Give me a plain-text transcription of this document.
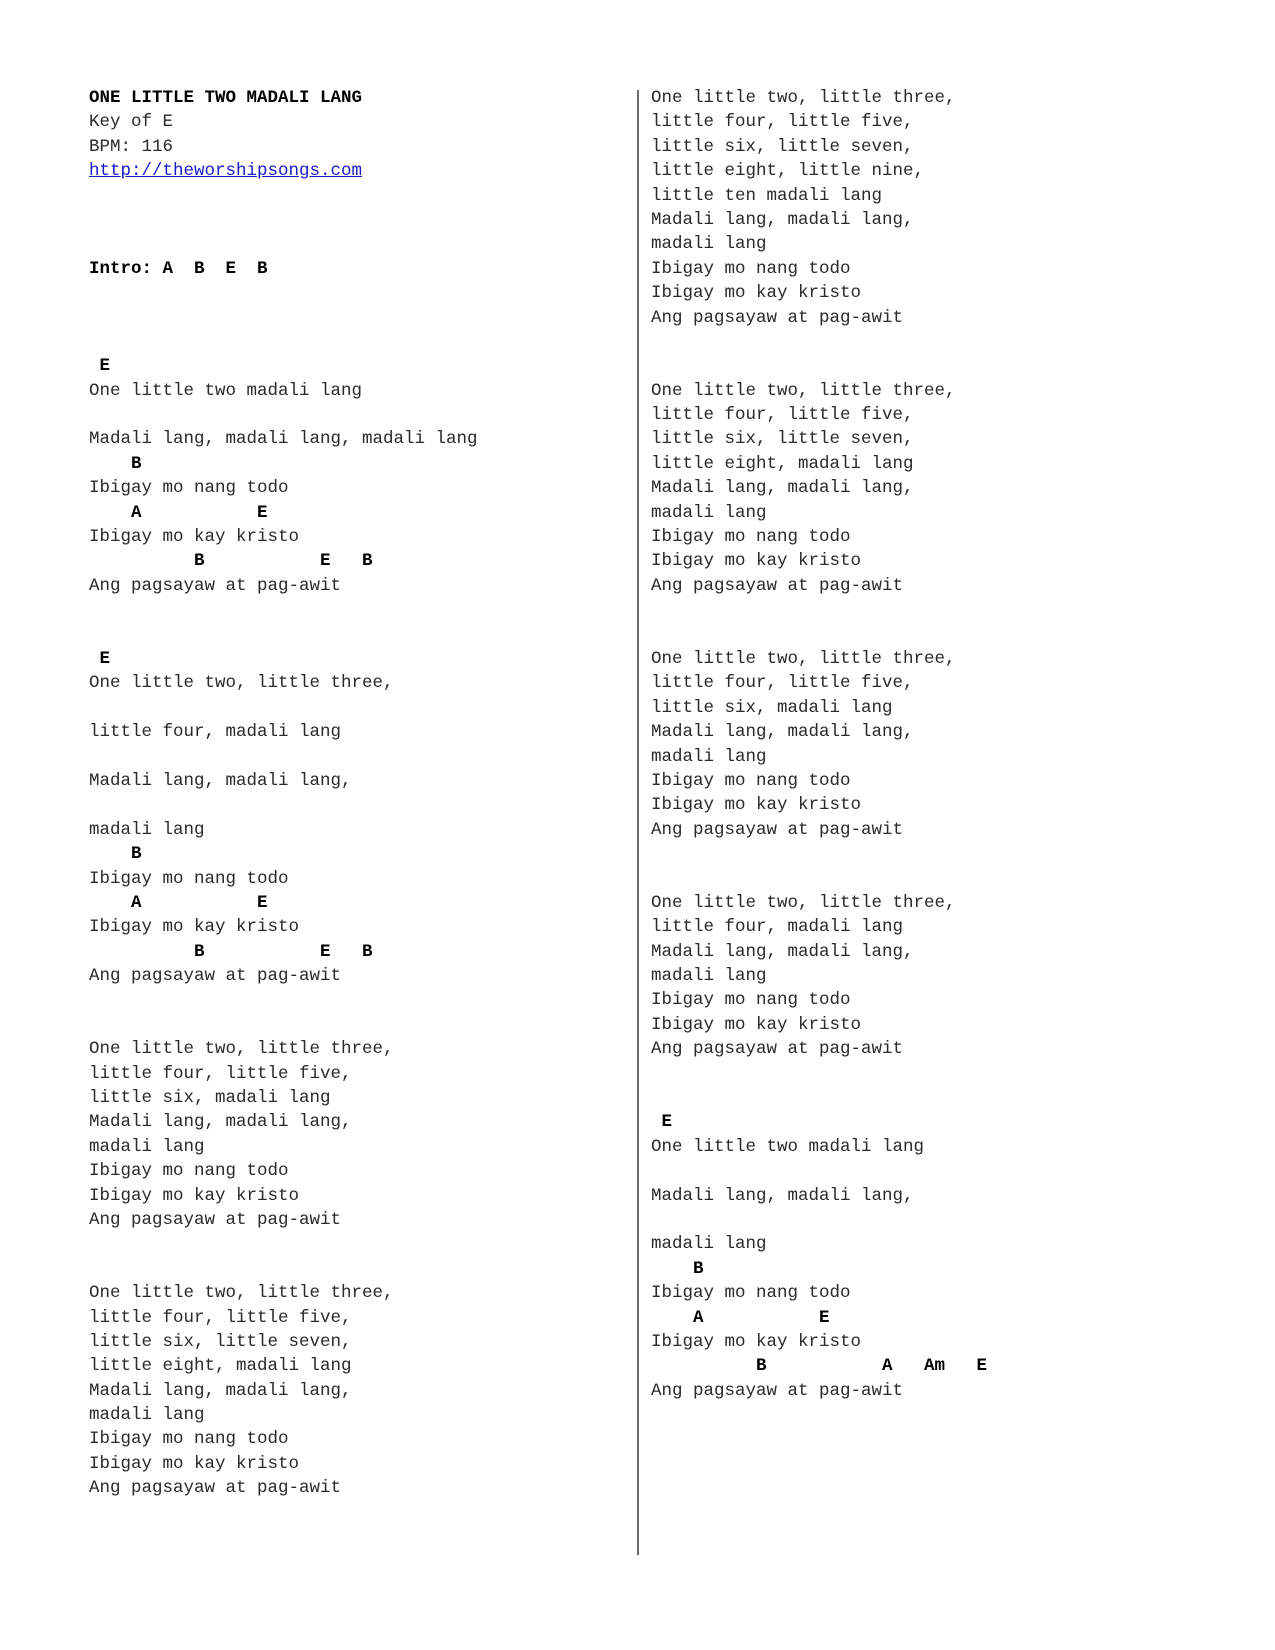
ONE LITTLE TWO MADALI LANG
Key of E
BPM: 116
http://theworshipsongs.com
Intro: A  B  E  B
E
One little two madali lang
Madali lang, madali lang, madali lang
B
Ibigay mo nang todo
A           E
Ibigay mo kay kristo
B           E   B
Ang pagsayaw at pag-awit
E
One little two, little three,
little four, madali lang
Madali lang, madali lang,
madali lang
B
Ibigay mo nang todo
A           E
Ibigay mo kay kristo
B           E   B
Ang pagsayaw at pag-awit
One little two, little three,
little four, little five,
little six, madali lang
Madali lang, madali lang,
madali lang
Ibigay mo nang todo
Ibigay mo kay kristo
Ang pagsayaw at pag-awit
One little two, little three,
little four, little five,
little six, little seven,
little eight, madali lang
Madali lang, madali lang,
madali lang
Ibigay mo nang todo
Ibigay mo kay kristo
Ang pagsayaw at pag-awit
One little two, little three,
little four, little five,
little six, little seven,
little eight, little nine,
little ten madali lang
Madali lang, madali lang,
madali lang
Ibigay mo nang todo
Ibigay mo kay kristo
Ang pagsayaw at pag-awit
One little two, little three,
little four, little five,
little six, little seven,
little eight, madali lang
Madali lang, madali lang,
madali lang
Ibigay mo nang todo
Ibigay mo kay kristo
Ang pagsayaw at pag-awit
One little two, little three,
little four, little five,
little six, madali lang
Madali lang, madali lang,
madali lang
Ibigay mo nang todo
Ibigay mo kay kristo
Ang pagsayaw at pag-awit
One little two, little three,
little four, madali lang
Madali lang, madali lang,
madali lang
Ibigay mo nang todo
Ibigay mo kay kristo
Ang pagsayaw at pag-awit
E
One little two madali lang
Madali lang, madali lang,
madali lang
B
Ibigay mo nang todo
A           E
Ibigay mo kay kristo
B           A   Am   E
Ang pagsayaw at pag-awit
